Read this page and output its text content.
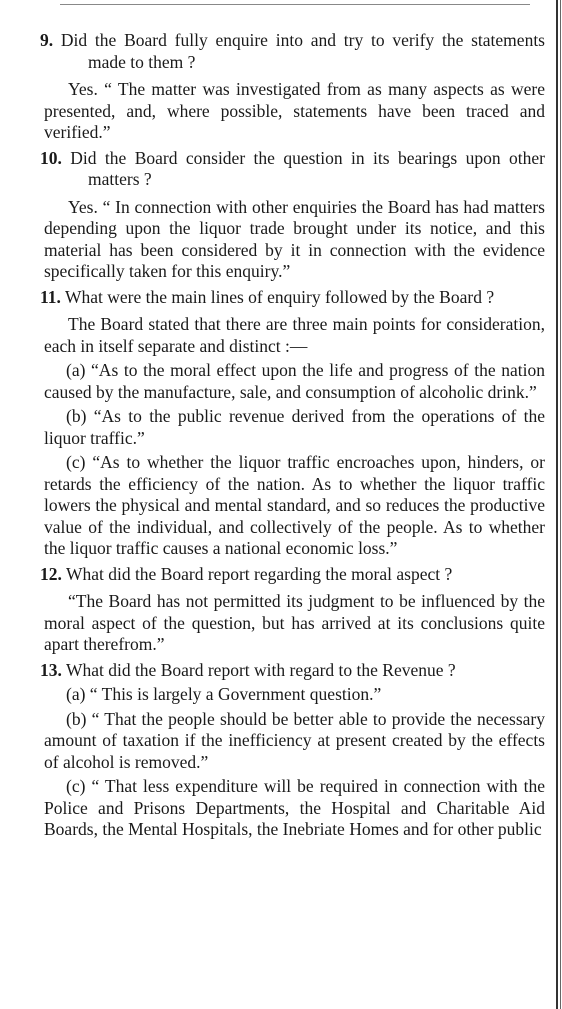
9. Did the Board fully enquire into and try to verify the statements made to them ?

Yes. “ The matter was investigated from as many aspects as were presented, and, where possible, statements have been traced and verified.”

10. Did the Board consider the question in its bearings upon other matters ?

Yes. “ In connection with other enquiries the Board has had matters depending upon the liquor trade brought under its notice, and this material has been considered by it in connection with the evidence specifically taken for this enquiry.”

11. What were the main lines of enquiry followed by the Board ?

The Board stated that there are three main points for consideration, each in itself separate and distinct :—

(a) “As to the moral effect upon the life and progress of the nation caused by the manufacture, sale, and consumption of alcoholic drink.”

(b) “As to the public revenue derived from the operations of the liquor traffic.”

(c) “As to whether the liquor traffic encroaches upon, hinders, or retards the efficiency of the nation. As to whether the liquor traffic lowers the physical and mental standard, and so reduces the productive value of the individual, and collectively of the people. As to whether the liquor traffic causes a national economic loss.”

12. What did the Board report regarding the moral aspect ?

“The Board has not permitted its judgment to be influenced by the moral aspect of the question, but has arrived at its conclusions quite apart therefrom.”

13. What did the Board report with regard to the Revenue ?

(a) “ This is largely a Government question.”

(b) “ That the people should be better able to provide the necessary amount of taxation if the inefficiency at present created by the effects of alcohol is removed.”

(c) “ That less expenditure will be required in connection with the Police and Prisons Departments, the Hospital and Charitable Aid Boards, the Mental Hospitals, the Inebriate Homes and for other public
